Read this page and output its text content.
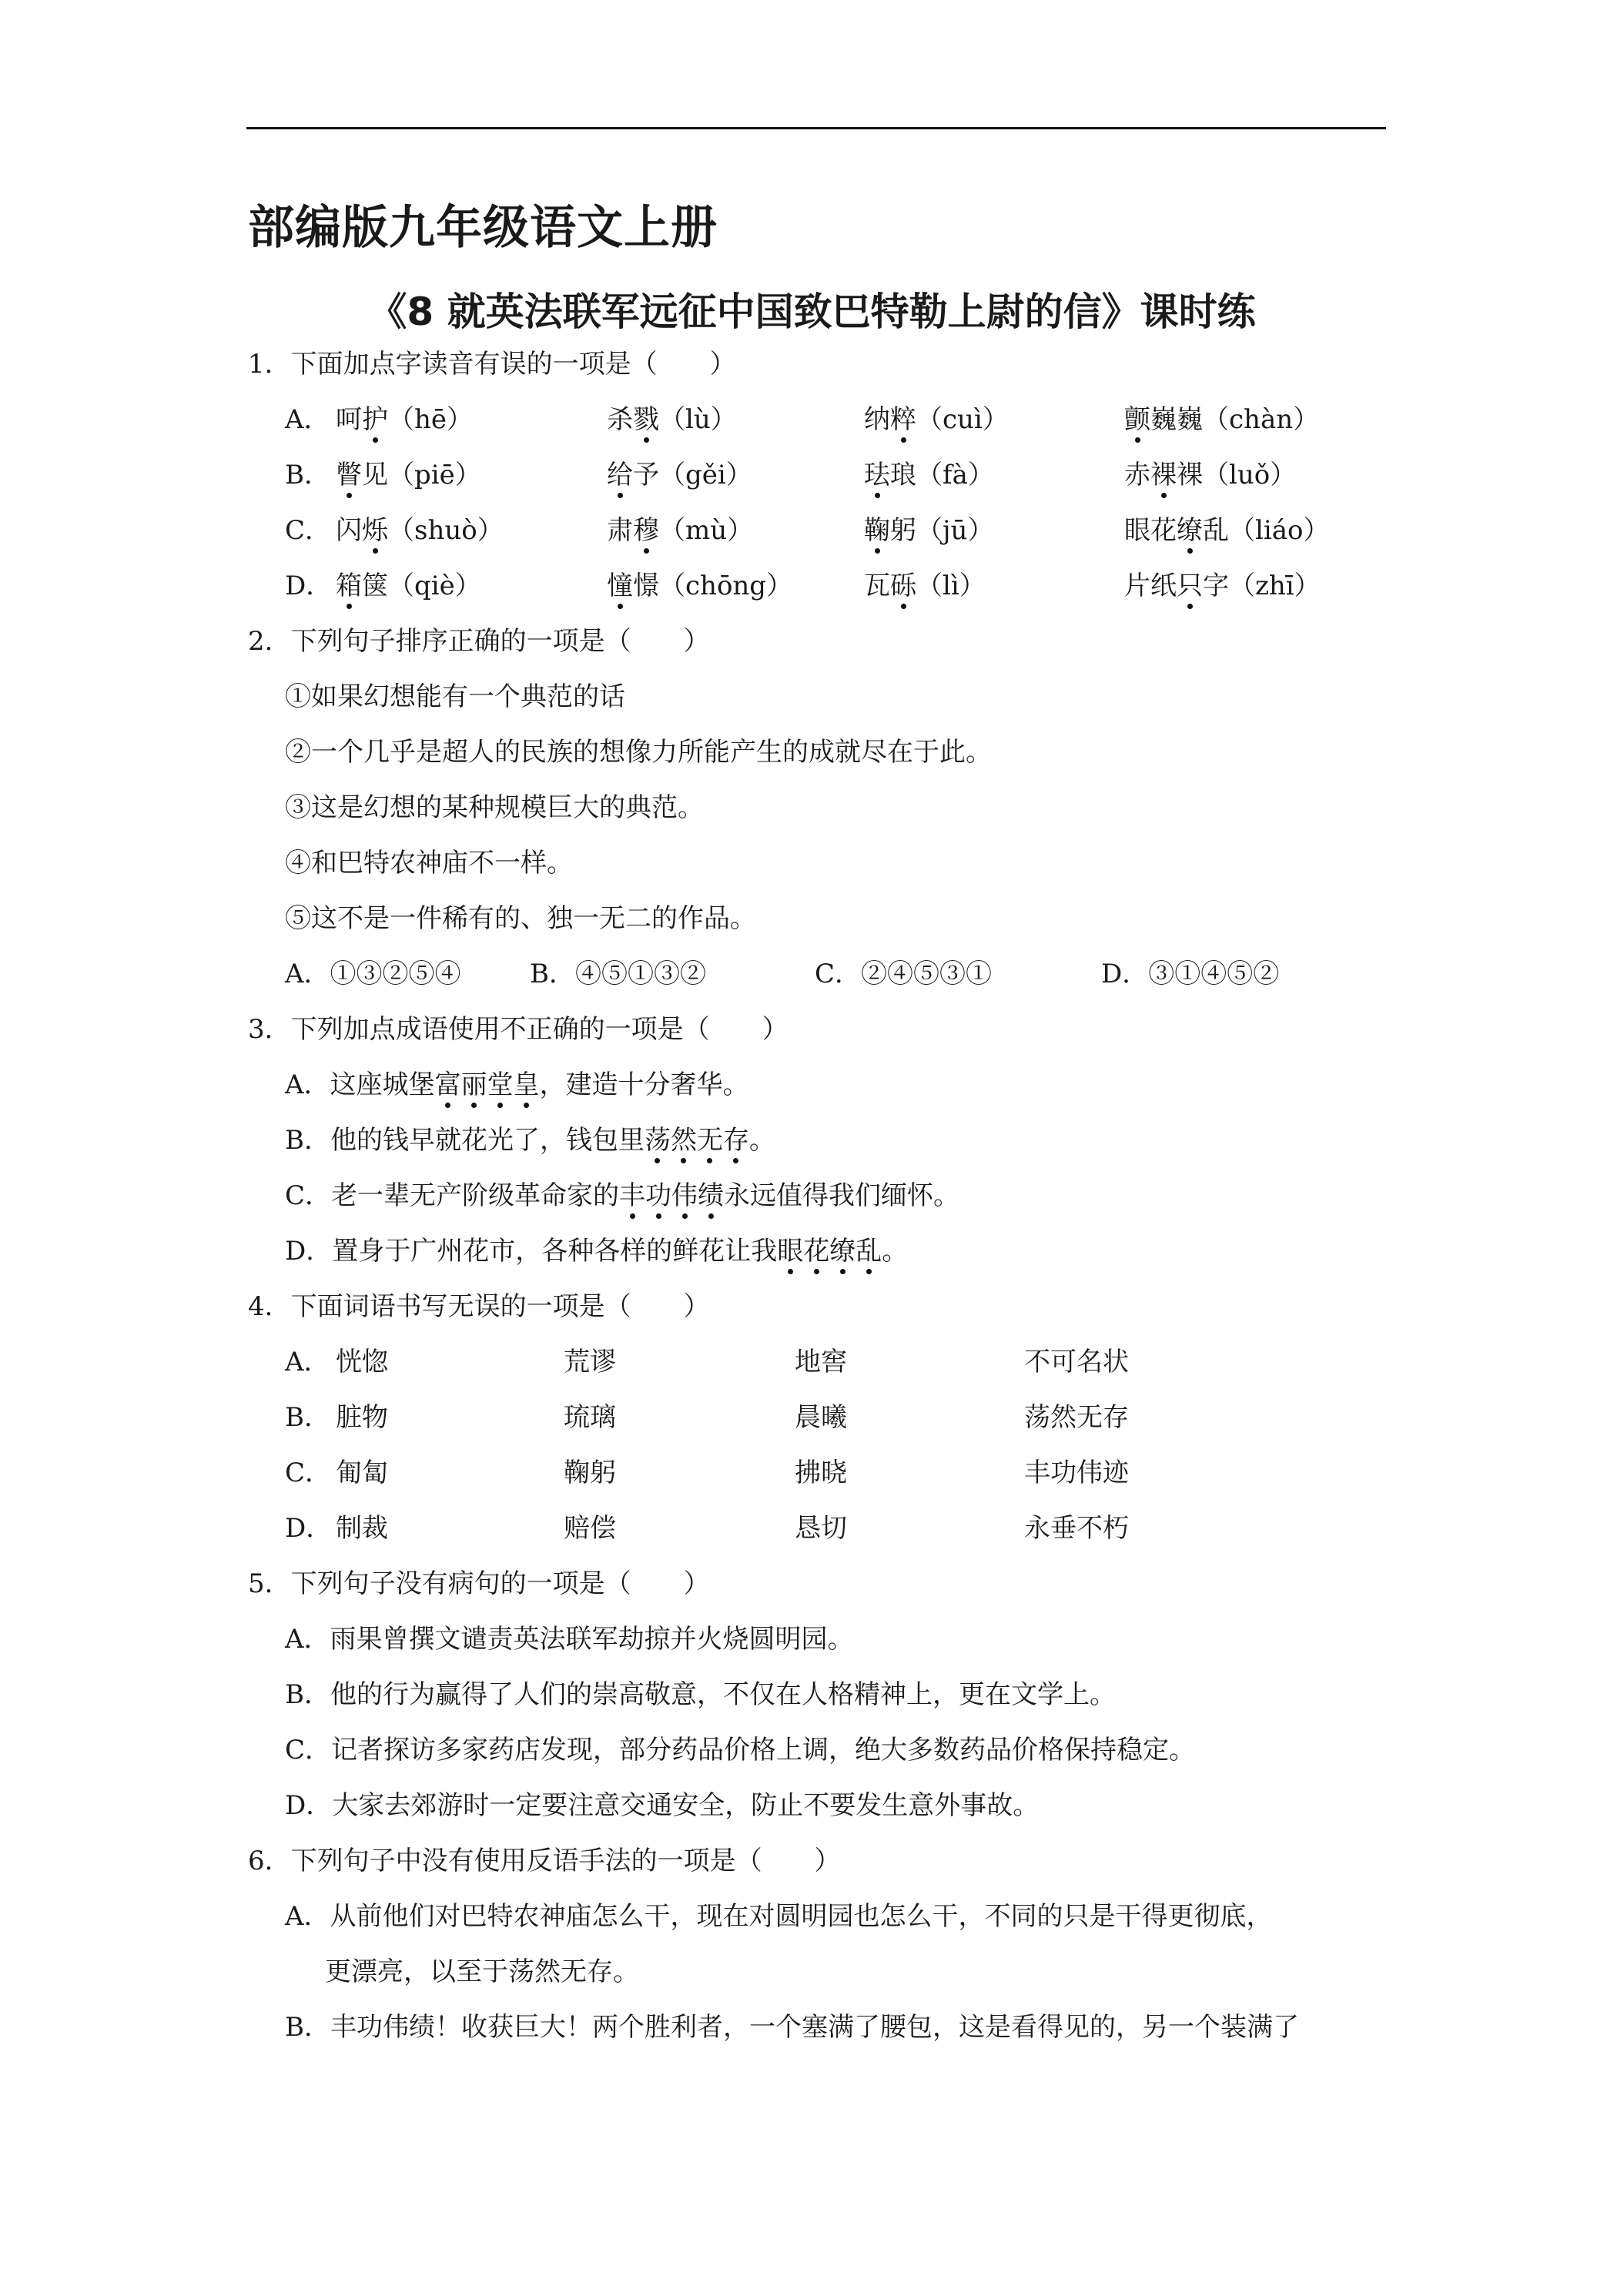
部编版九年级语文上册
《8 就英法联军远征中国致巴特勒上尉的信》课时练
1．下面加点字读音有误的一项是（　　）
A． 呵护（hē）	杀戮（lù）	纳粹（cuì）	颤巍巍（chàn）
B． 瞥见（piē）	给予（gěi）	珐琅（fà）	赤裸裸（luǒ）
C． 闪烁（shuò）	肃穆（mù）	鞠躬（jū）	眼花缭乱（liáo）
D． 箱箧（qiè）	憧憬（chōng）	瓦砾（lì）	片纸只字（zhī）
2．下列句子排序正确的一项是（　　）
①如果幻想能有一个典范的话
②一个几乎是超人的民族的想像力所能产生的成就尽在于此。
③这是幻想的某种规模巨大的典范。
④和巴特农神庙不一样。
⑤这不是一件稀有的、独一无二的作品。
A．①③②⑤④	B．④⑤①③②	C．②④⑤③①	D．③①④⑤②
3．下列加点成语使用不正确的一项是（　　）
A．这座城堡富丽堂皇，建造十分奢华。
B．他的钱早就花光了，钱包里荡然无存。
C．老一辈无产阶级革命家的丰功伟绩永远值得我们缅怀。
D．置身于广州花市，各种各样的鲜花让我眼花缭乱。
4．下面词语书写无误的一项是（　　）
A． 恍惚	荒谬	地窖	不可名状
B． 脏物	琉璃	晨曦	荡然无存
C． 匍匐	鞠躬	拂晓	丰功伟迹
D． 制裁	赔偿	恳切	永垂不朽
5．下列句子没有病句的一项是（　　）
A．雨果曾撰文谴责英法联军劫掠并火烧圆明园。
B．他的行为赢得了人们的崇高敬意，不仅在人格精神上，更在文学上。
C．记者探访多家药店发现，部分药品价格上调，绝大多数药品价格保持稳定。
D．大家去郊游时一定要注意交通安全，防止不要发生意外事故。
6．下列句子中没有使用反语手法的一项是（　　）
A．从前他们对巴特农神庙怎么干，现在对圆明园也怎么干，不同的只是干得更彻底，
更漂亮，以至于荡然无存。
B．丰功伟绩！收获巨大！两个胜利者，一个塞满了腰包，这是看得见的，另一个装满了
